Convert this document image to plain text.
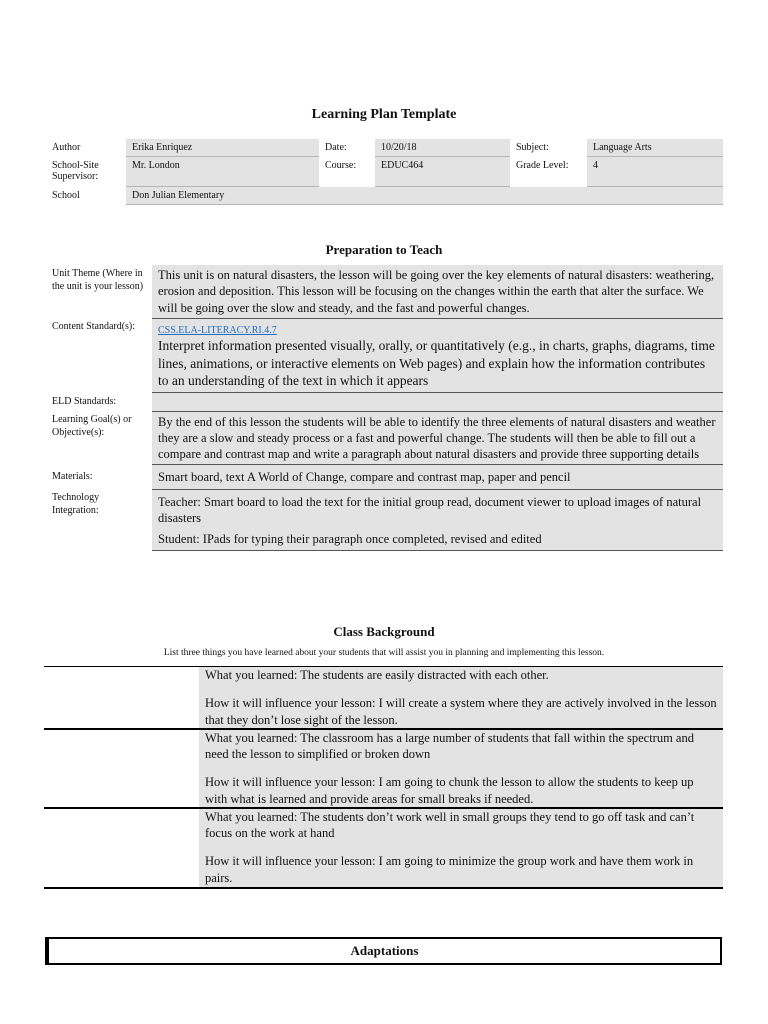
Learning Plan Template
Author	Erika Enriquez	Date:	10/20/18	Subject:	Language Arts
School-Site Supervisor:	Mr. London	Course:	EDUC464	Grade Level:	4
School	Don Julian Elementary				
Preparation to Teach
Unit Theme (Where in the unit is your lesson)	This unit is on natural disasters, the lesson will be going over the key elements of natural disasters: weathering, erosion and deposition. This lesson will be focusing on the changes within the earth that alter the surface. We will be going over the slow and steady, and the fast and powerful changes.
Content Standard(s):	CSS.ELA-LITERACY.RI.4.7
Interpret information presented visually, orally, or quantitatively (e.g., in charts, graphs, diagrams, time lines, animations, or interactive elements on Web pages) and explain how the information contributes to an understanding of the text in which it appears

ELD Standards:	
Learning Goal(s) or Objective(s):	By the end of this lesson the students will be able to identify the three elements of natural disasters and weather they are a slow and steady process or a fast and powerful change. The students will then be able to fill out a compare and contrast map and write a paragraph about natural disasters and provide three supporting details
Materials:	Smart board, text A World of Change, compare and contrast map, paper and pencil
Technology Integration:	Teacher: Smart board to load the text for the initial group read, document viewer to upload images of natural disasters
Student: IPads for typing their paragraph once completed, revised and edited
Class Background
List three things you have learned about your students that will assist you in planning and implementing this lesson.

	What you learned: The students are easily distracted with each other.

How it will influence your lesson: I will create a system where they are actively involved in the lesson that they don’t lose sight of the lesson.

	What you learned: The classroom has a large number of students that fall within the spectrum and need the lesson to simplified or broken down

How it will influence your lesson: I am going to chunk the lesson to allow the students to keep up with what is learned and provide areas for small breaks if needed.

	What you learned: The students don’t work well in small groups they tend to go off task and can’t focus on the work at hand

How it will influence your lesson: I am going to minimize the group work and have them work in pairs.

Adaptations
